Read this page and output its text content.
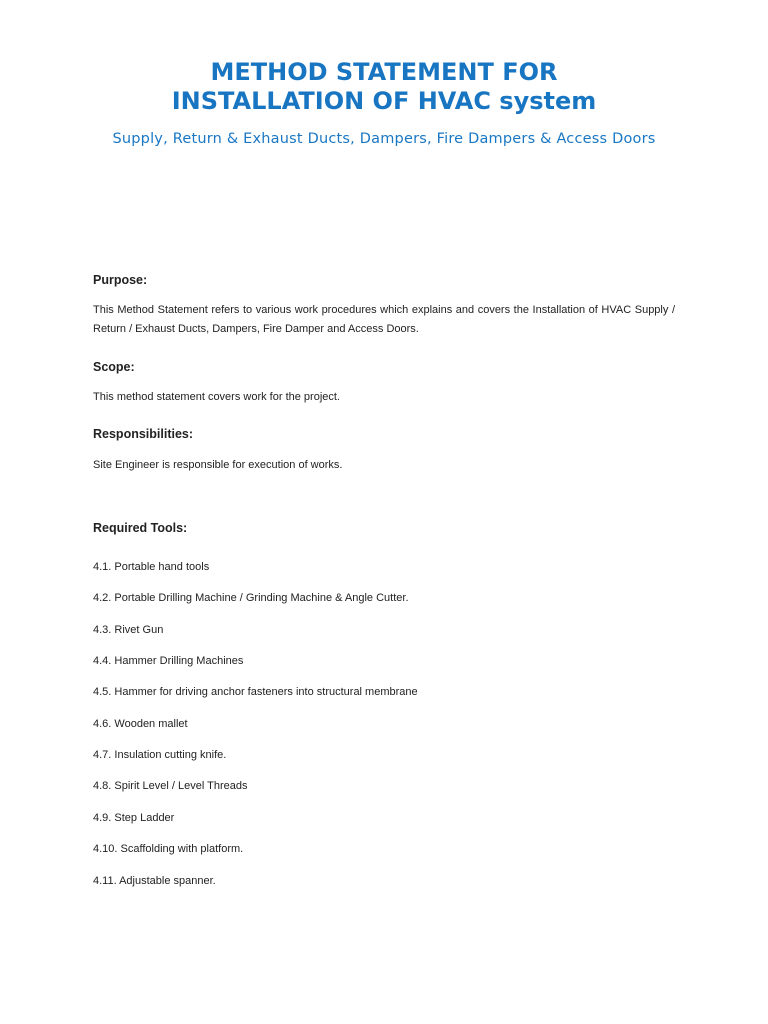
METHOD STATEMENT FOR
INSTALLATION OF HVAC system

Supply, Return & Exhaust Ducts, Dampers, Fire Dampers & Access Doors

Purpose:

This Method Statement refers to various work procedures which explains and covers the Installation of HVAC Supply / Return / Exhaust Ducts, Dampers, Fire Damper and Access Doors.

Scope:

This method statement covers work for the project.

Responsibilities:

Site Engineer is responsible for execution of works.

Required Tools:

4.1. Portable hand tools

4.2. Portable Drilling Machine / Grinding Machine & Angle Cutter.

4.3. Rivet Gun

4.4. Hammer Drilling Machines

4.5. Hammer for driving anchor fasteners into structural membrane

4.6. Wooden mallet

4.7. Insulation cutting knife.

4.8. Spirit Level / Level Threads

4.9. Step Ladder

4.10. Scaffolding with platform.

4.11. Adjustable spanner.
